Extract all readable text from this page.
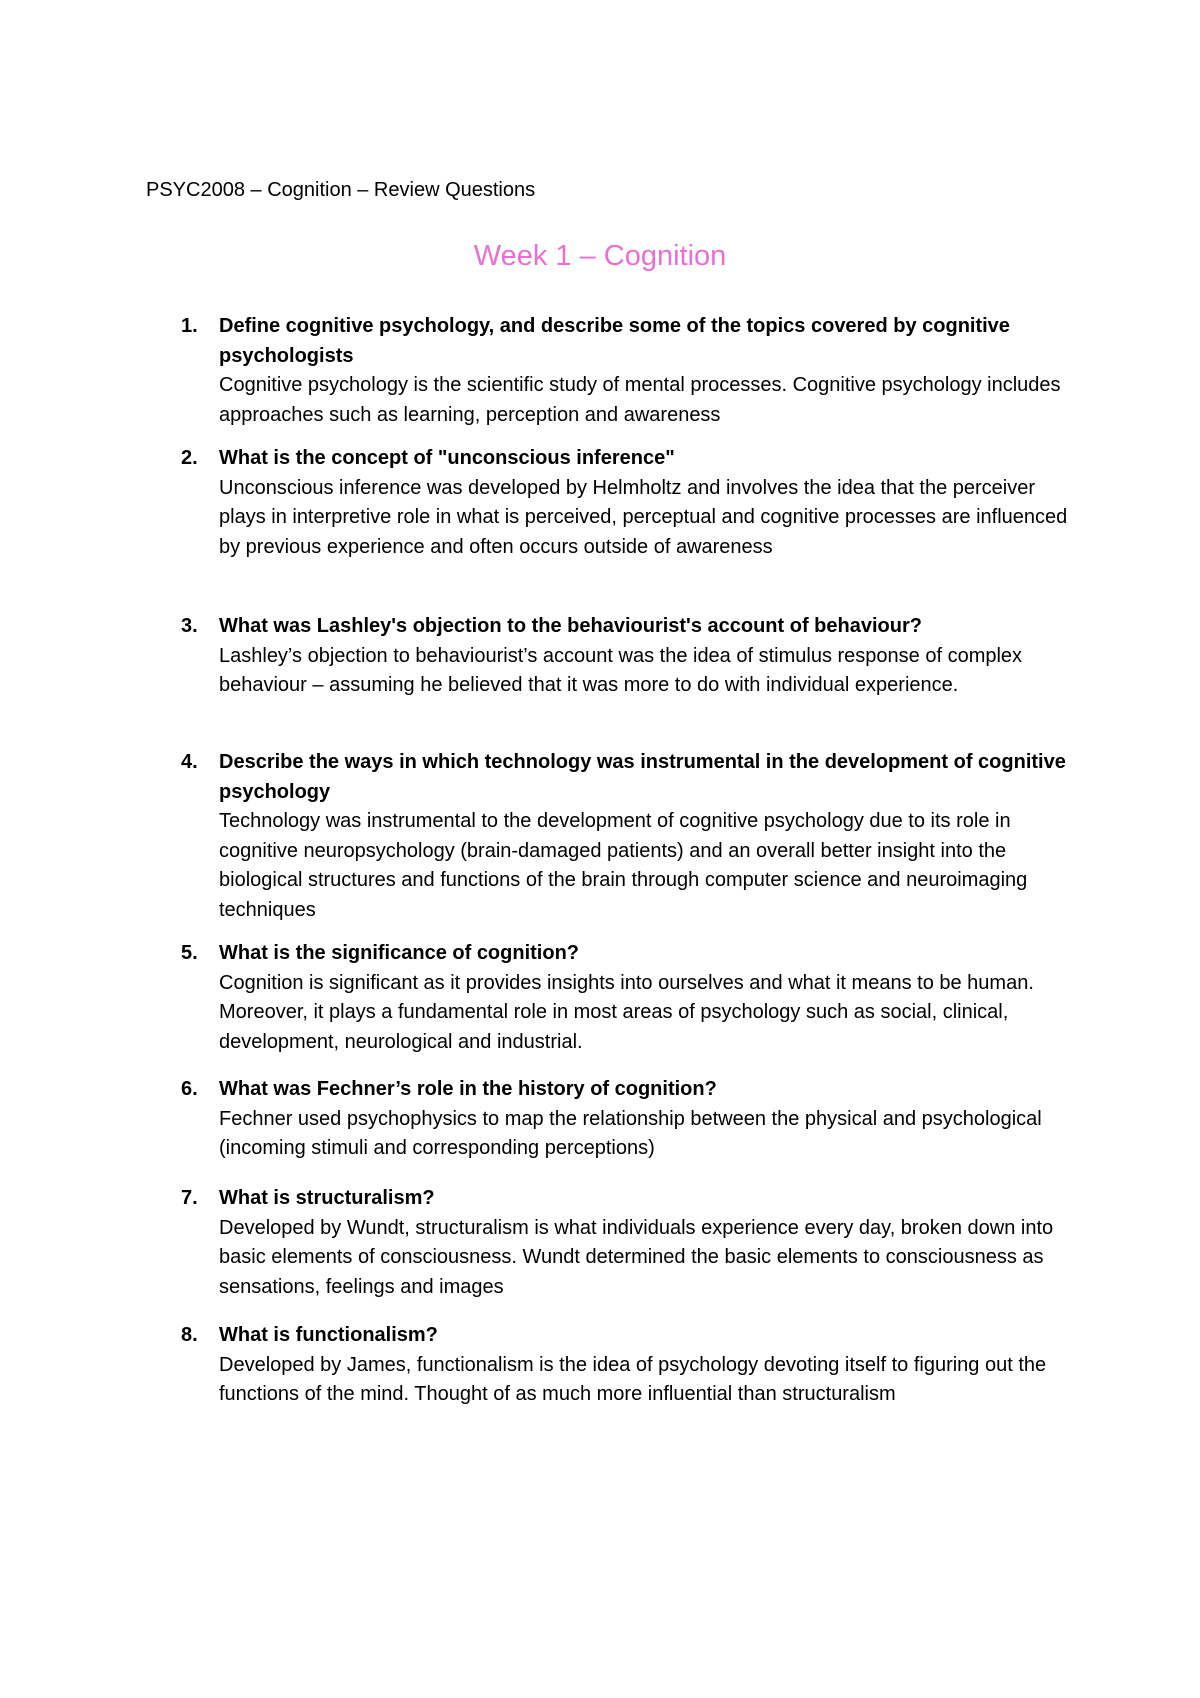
PSYC2008 – Cognition – Review Questions
Week 1 – Cognition
1. Define cognitive psychology, and describe some of the topics covered by cognitive psychologists
Cognitive psychology is the scientific study of mental processes. Cognitive psychology includes approaches such as learning, perception and awareness
2. What is the concept of "unconscious inference"
Unconscious inference was developed by Helmholtz and involves the idea that the perceiver plays in interpretive role in what is perceived, perceptual and cognitive processes are influenced by previous experience and often occurs outside of awareness
3. What was Lashley's objection to the behaviourist's account of behaviour?
Lashley’s objection to behaviourist’s account was the idea of stimulus response of complex behaviour – assuming he believed that it was more to do with individual experience.
4. Describe the ways in which technology was instrumental in the development of cognitive psychology
Technology was instrumental to the development of cognitive psychology due to its role in cognitive neuropsychology (brain-damaged patients) and an overall better insight into the biological structures and functions of the brain through computer science and neuroimaging techniques
5. What is the significance of cognition?
Cognition is significant as it provides insights into ourselves and what it means to be human. Moreover, it plays a fundamental role in most areas of psychology such as social, clinical, development, neurological and industrial.
6. What was Fechner’s role in the history of cognition?
Fechner used psychophysics to map the relationship between the physical and psychological (incoming stimuli and corresponding perceptions)
7. What is structuralism?
Developed by Wundt, structuralism is what individuals experience every day, broken down into basic elements of consciousness. Wundt determined the basic elements to consciousness as sensations, feelings and images
8. What is functionalism?
Developed by James, functionalism is the idea of psychology devoting itself to figuring out the functions of the mind. Thought of as much more influential than structuralism
